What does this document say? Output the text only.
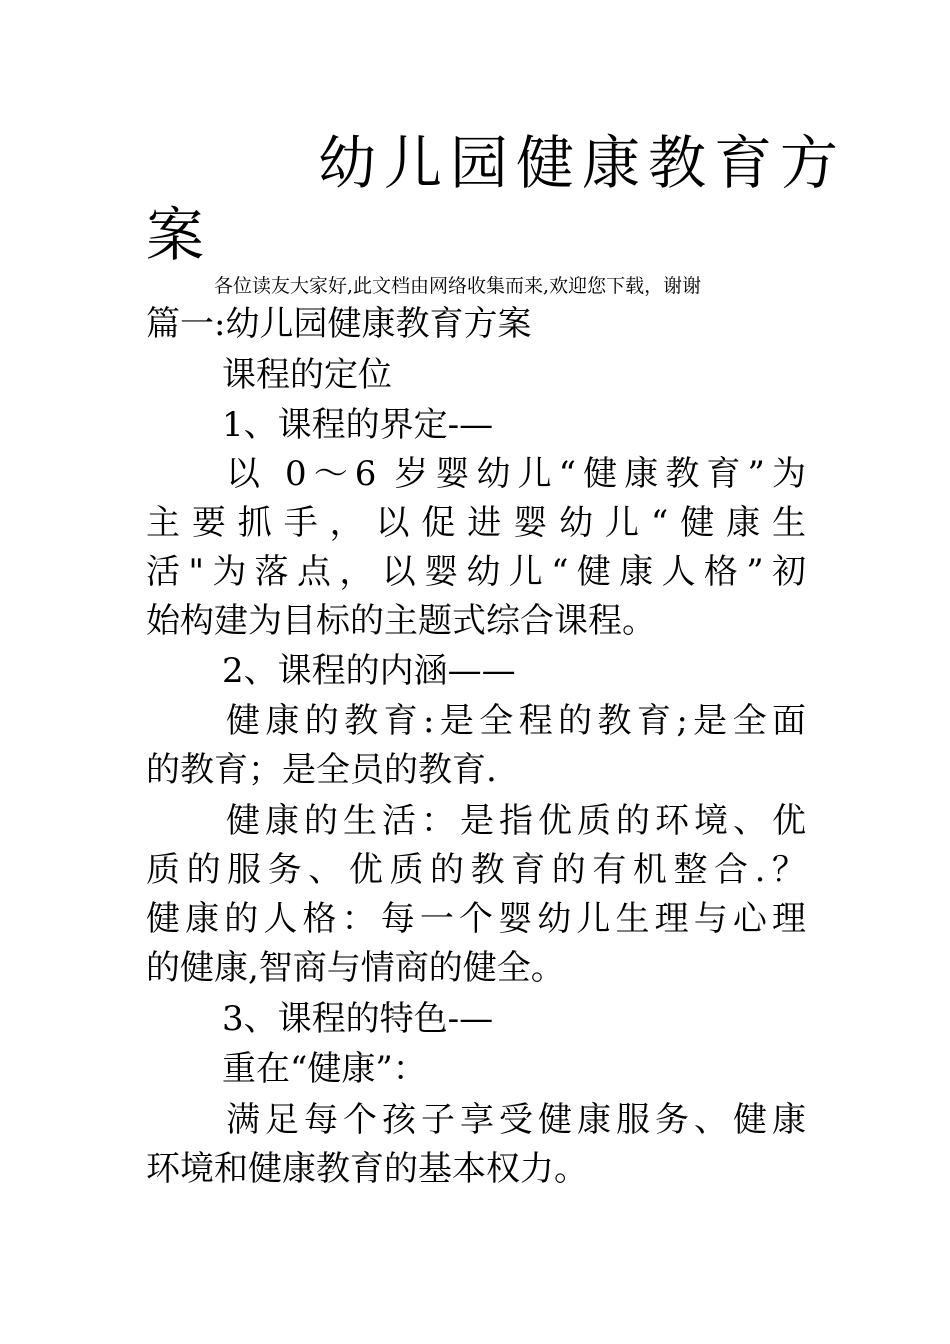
幼儿园健康教育方
案
各位读友大家好,此文档由网络收集而来,欢迎您下载，谢谢
篇一:幼儿园健康教育方案
课程的定位
1、课程的界定-—
以 0～6 岁婴幼儿“健康教育”为
主要抓手，以促进婴幼儿“健康生
活"为落点，以婴幼儿“健康人格”初
始构建为目标的主题式综合课程。
2、课程的内涵——
健康的教育:是全程的教育;是全面
的教育；是全员的教育.
健康的生活：是指优质的环境、优
质的服务、优质的教育的有机整合.？
健康的人格：每一个婴幼儿生理与心理
的健康,智商与情商的健全。
3、课程的特色-—
重在“健康”：
满足每个孩子享受健康服务、健康
环境和健康教育的基本权力。
